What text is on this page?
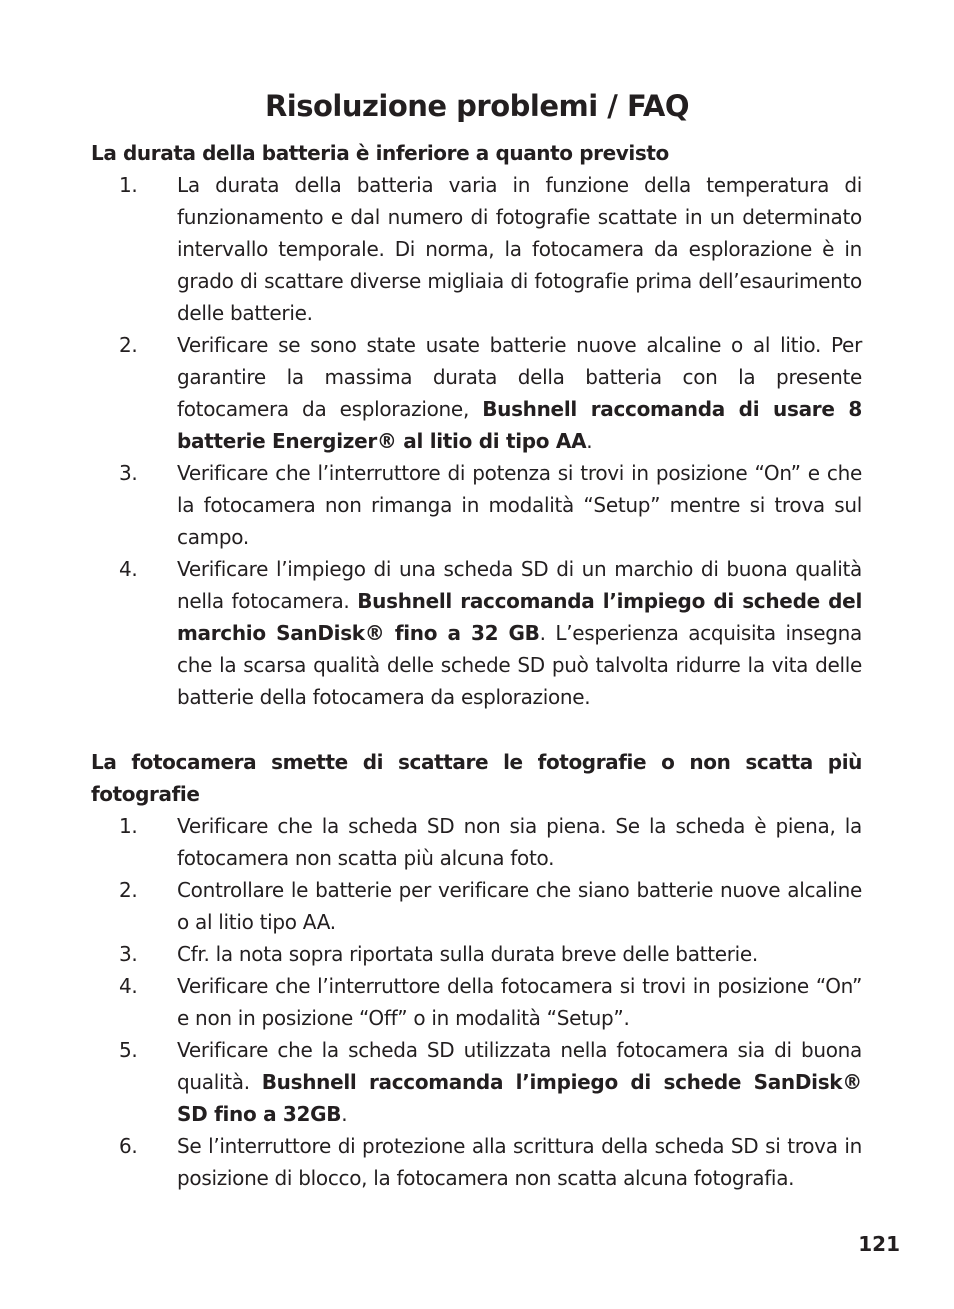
Risoluzione problemi / FAQ
La durata della batteria è inferiore a quanto previsto
1.	La durata della batteria varia in funzione della temperatura di funzionamento e dal numero di fotografie scattate in un determinato intervallo temporale. Di norma, la fotocamera da esplorazione è in grado di scattare diverse migliaia di fotografie prima dell’esaurimento delle batterie.
2.	Verificare se sono state usate batterie nuove alcaline o al litio. Per garantire la massima durata della batteria con la presente fotocamera da esplorazione, Bushnell raccomanda di usare 8 batterie Energizer® al litio di tipo AA.
3.	Verificare che l’interruttore di potenza si trovi in posizione “On” e che la fotocamera non rimanga in modalità “Setup” mentre si trova sul campo.
4.	Verificare l’impiego di una scheda SD di un marchio di buona qualità nella fotocamera. Bushnell raccomanda l’impiego di schede del marchio SanDisk® fino a 32 GB. L’esperienza acquisita insegna che la scarsa qualità delle schede SD può talvolta ridurre la vita delle batterie della fotocamera da esplorazione.
La fotocamera smette di scattare le fotografie o non scatta più fotografie
1.	Verificare che la scheda SD non sia piena. Se la scheda è piena, la fotocamera non scatta più alcuna foto.
2.	Controllare le batterie per verificare che siano batterie nuove alcaline o al litio tipo AA.
3.	Cfr. la nota sopra riportata sulla durata breve delle batterie.
4.	Verificare che l’interruttore della fotocamera si trovi in posizione “On” e non in posizione “Off” o in modalità “Setup”.
5.	Verificare che la scheda SD utilizzata nella fotocamera sia di buona qualità. Bushnell raccomanda l’impiego di schede SanDisk® SD fino a 32GB.
6.	Se l’interruttore di protezione alla scrittura della scheda SD si trova in posizione di blocco, la fotocamera non scatta alcuna fotografia.
121
